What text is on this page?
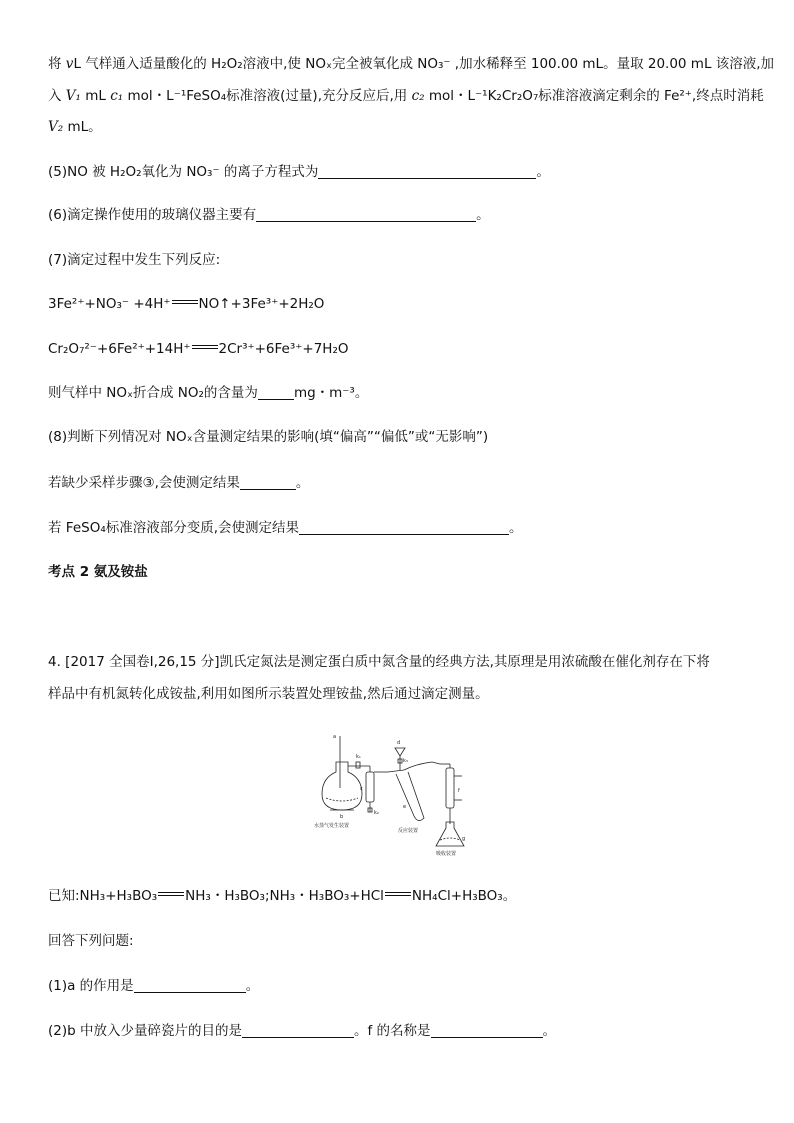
将 vL 气样通入适量酸化的 H₂O₂溶液中,使 NOₓ完全被氧化成 NO₃⁻ ,加水稀释至 100.00 mL。量取 20.00 mL 该溶液,加
入 V₁ mL c₁ mol・L⁻¹FeSO₄标准溶液(过量),充分反应后,用 c₂ mol・L⁻¹K₂Cr₂O₇标准溶液滴定剩余的 Fe²⁺,终点时消耗
V₂ mL。
(5)NO 被 H₂O₂氧化为 NO₃⁻ 的离子方程式为	。
(6)滴定操作使用的玻璃仪器主要有	。
(7)滴定过程中发生下列反应:
3Fe²⁺+NO₃⁻ +4H⁺ NO↑+3Fe³⁺+2H₂O
Cr₂O₇²⁻+6Fe²⁺+14H⁺ 2Cr³⁺+6Fe³⁺+7H₂O
则气样中 NOₓ折合成 NO₂的含量为	mg・m⁻³。
(8)判断下列情况对 NOₓ含量测定结果的影响(填“偏高”“偏低”或“无影响”)
若缺少采样步骤③,会使测定结果	。
若 FeSO₄标准溶液部分变质,会使测定结果	。
考点 2 氨及铵盐
4. [2017 全国卷Ⅰ,26,15 分]凯氏定氮法是测定蛋白质中氮含量的经典方法,其原理是用浓硫酸在催化剂存在下将
样品中有机氮转化成铵盐,利用如图所示装置处理铵盐,然后通过滴定测量。
a
b
c
d
e
f
g
k₁
k₂
k₃
水蒸气发生装置
反应装置
吸收装置
已知:NH₃+H₃BO₃ NH₃・H₃BO₃;NH₃・H₃BO₃+HCl NH₄Cl+H₃BO₃。
回答下列问题:
(1)a 的作用是	。
(2)b 中放入少量碎瓷片的目的是	。f 的名称是	。
